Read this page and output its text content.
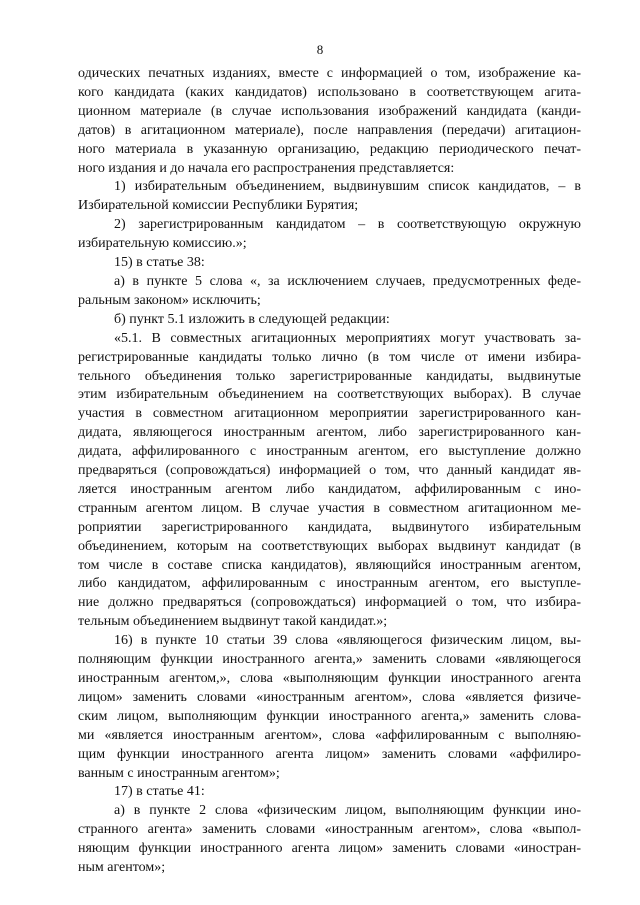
8
одических печатных изданиях, вместе с информацией о том, изображение ка-
кого кандидата (каких кандидатов) использовано в соответствующем агита-
ционном материале (в случае использования изображений кандидата (канди-
датов) в агитационном материале), после направления (передачи) агитацион-
ного материала в указанную организацию, редакцию периодического печат-
ного издания и до начала его распространения представляется:
1) избирательным объединением, выдвинувшим список кандидатов, – в
Избирательной комиссии Республики Бурятия;
2) зарегистрированным кандидатом – в соответствующую окружную
избирательную комиссию.»;
15) в статье 38:
а) в пункте 5 слова «, за исключением случаев, предусмотренных феде-
ральным законом» исключить;
б) пункт 5.1 изложить в следующей редакции:
«5.1. В совместных агитационных мероприятиях могут участвовать за-
регистрированные кандидаты только лично (в том числе от имени избира-
тельного объединения только зарегистрированные кандидаты, выдвинутые
этим избирательным объединением на соответствующих выборах). В случае
участия в совместном агитационном мероприятии зарегистрированного кан-
дидата, являющегося иностранным агентом, либо зарегистрированного кан-
дидата, аффилированного с иностранным агентом, его выступление должно
предваряться (сопровождаться) информацией о том, что данный кандидат яв-
ляется иностранным агентом либо кандидатом, аффилированным с ино-
странным агентом лицом. В случае участия в совместном агитационном ме-
роприятии зарегистрированного кандидата, выдвинутого избирательным
объединением, которым на соответствующих выборах выдвинут кандидат (в
том числе в составе списка кандидатов), являющийся иностранным агентом,
либо кандидатом, аффилированным с иностранным агентом, его выступле-
ние должно предваряться (сопровождаться) информацией о том, что избира-
тельным объединением выдвинут такой кандидат.»;
16) в пункте 10 статьи 39 слова «являющегося физическим лицом, вы-
полняющим функции иностранного агента,» заменить словами «являющегося
иностранным агентом,», слова «выполняющим функции иностранного агента
лицом» заменить словами «иностранным агентом», слова «является физиче-
ским лицом, выполняющим функции иностранного агента,» заменить слова-
ми «является иностранным агентом», слова «аффилированным с выполняю-
щим функции иностранного агента лицом» заменить словами «аффилиро-
ванным с иностранным агентом»;
17) в статье 41:
а) в пункте 2 слова «физическим лицом, выполняющим функции ино-
странного агента» заменить словами «иностранным агентом», слова «выпол-
няющим функции иностранного агента лицом» заменить словами «иностран-
ным агентом»;
